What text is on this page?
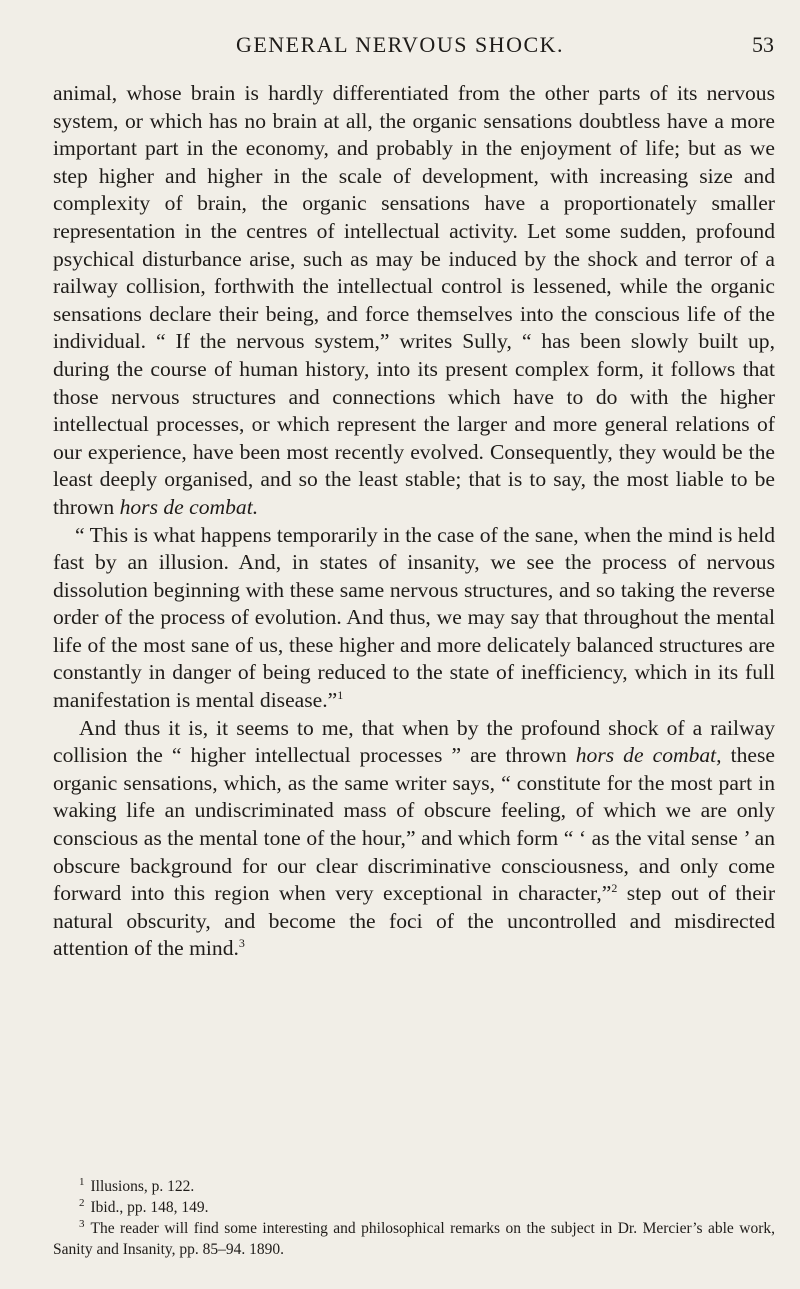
GENERAL NERVOUS SHOCK.	53

animal, whose brain is hardly differentiated from the other parts of its nervous system, or which has no brain at all, the organic sensations doubtless have a more important part in the economy, and probably in the enjoyment of life; but as we step higher and higher in the scale of development, with increasing size and complexity of brain, the organic sensations have a proportionately smaller representation in the centres of intellectual activity. Let some sudden, profound psychical disturbance arise, such as may be induced by the shock and terror of a railway collision, forthwith the intellectual control is lessened, while the organic sensations declare their being, and force themselves into the conscious life of the individual. “ If the nervous system,” writes Sully, “ has been slowly built up, during the course of human history, into its present complex form, it follows that those nervous structures and connections which have to do with the higher intellectual processes, or which represent the larger and more general relations of our experience, have been most recently evolved. Consequently, they would be the least deeply organised, and so the least stable; that is to say, the most liable to be thrown hors de combat.

“ This is what happens temporarily in the case of the sane, when the mind is held fast by an illusion. And, in states of insanity, we see the process of nervous dissolution beginning with these same nervous structures, and so taking the reverse order of the process of evolution. And thus, we may say that throughout the mental life of the most sane of us, these higher and more delicately balanced structures are constantly in danger of being reduced to the state of inefficiency, which in its full manifestation is mental disease.”$^1$

And thus it is, it seems to me, that when by the profound shock of a railway collision the “ higher intellectual processes ” are thrown hors de combat, these organic sensations, which, as the same writer says, “ constitute for the most part in waking life an undiscriminated mass of obscure feeling, of which we are only conscious as the mental tone of the hour,” and which form “ ‘ as the vital sense ’ an obscure background for our clear discriminative consciousness, and only come forward into this region when very exceptional in character,”$^2$ step out of their natural obscurity, and become the foci of the uncontrolled and misdirected attention of the mind.$^3$

$^1$ Illusions, p. 122.

$^2$ Ibid., pp. 148, 149.

$^3$ The reader will find some interesting and philosophical remarks on the subject in Dr. Mercier’s able work, Sanity and Insanity, pp. 85–94. 1890.
